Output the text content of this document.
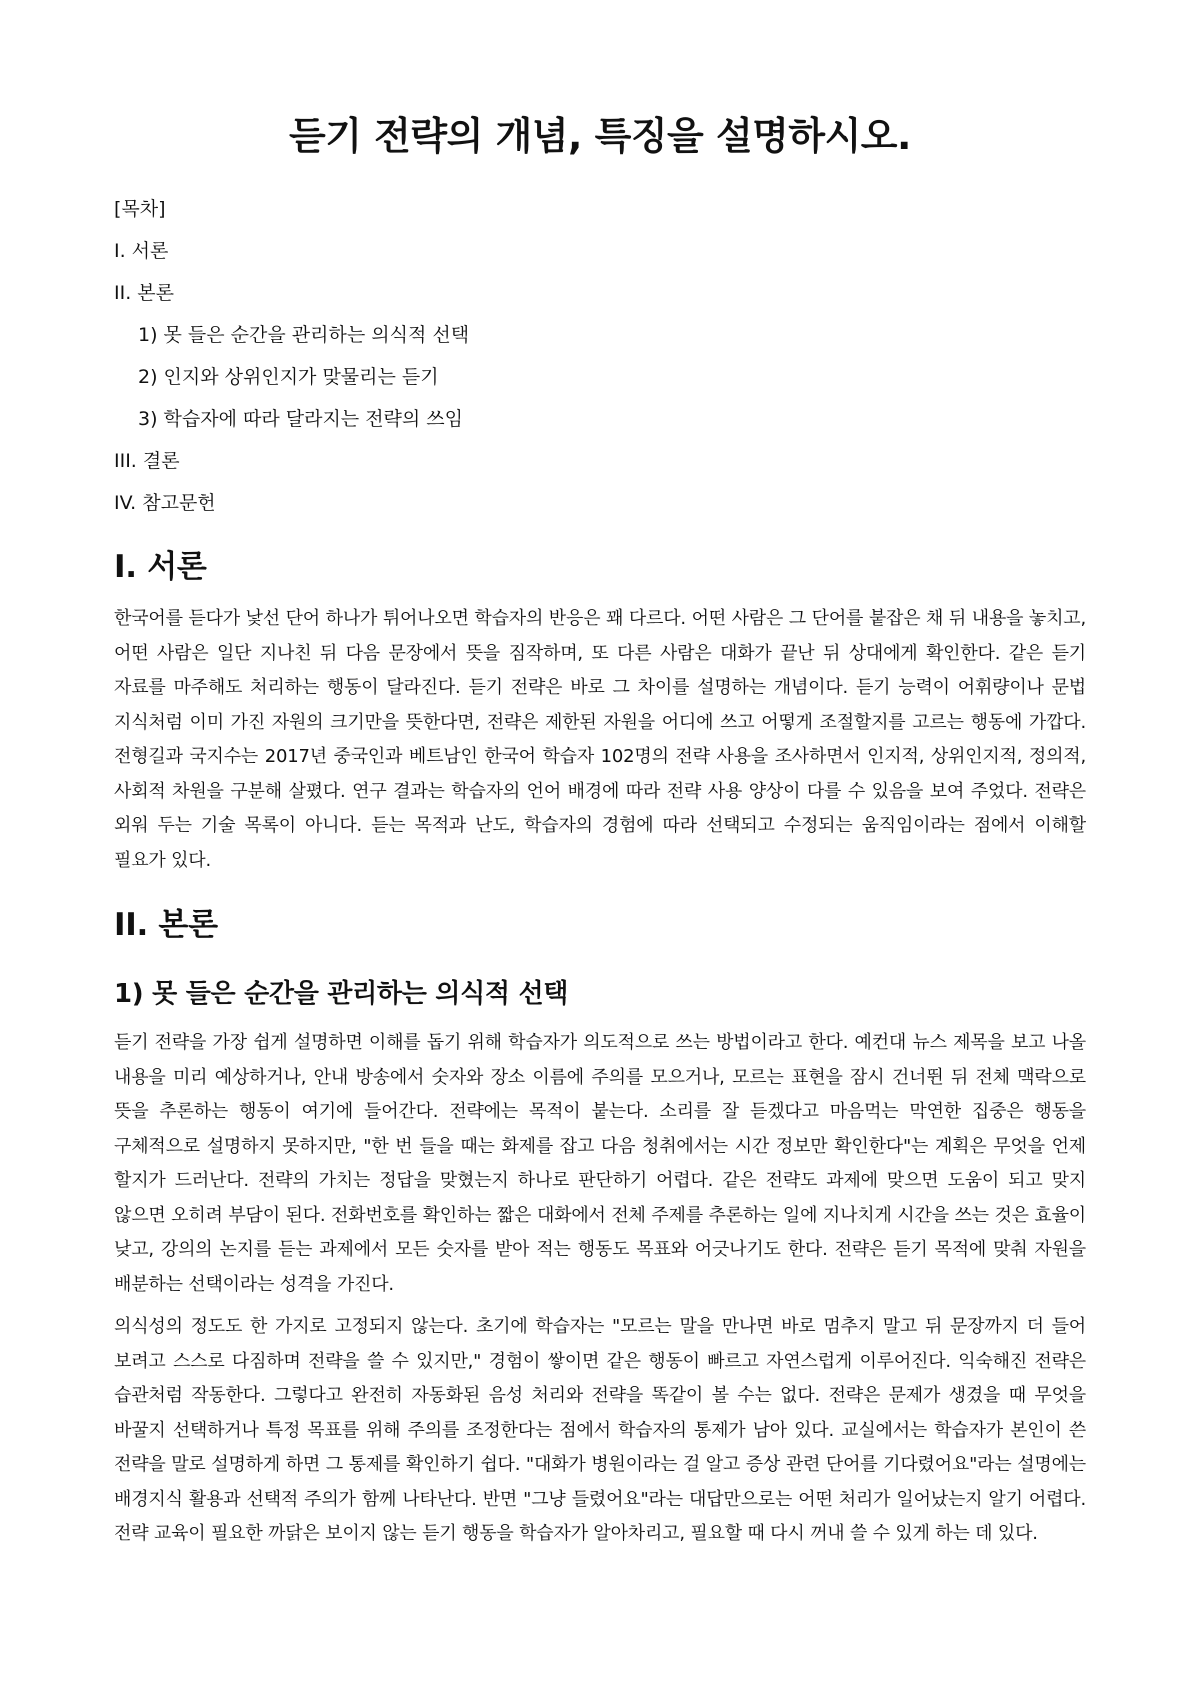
듣기 전략의 개념, 특징을 설명하시오.
[목차]
I. 서론
II. 본론
1) 못 들은 순간을 관리하는 의식적 선택
2) 인지와 상위인지가 맞물리는 듣기
3) 학습자에 따라 달라지는 전략의 쓰임
III. 결론
IV. 참고문헌
I. 서론

한국어를 듣다가 낯선 단어 하나가 튀어나오면 학습자의 반응은 꽤 다르다. 어떤 사람은 그 단어를 붙잡은 채 뒤 내용을 놓치고, 어떤 사람은 일단 지나친 뒤 다음 문장에서 뜻을 짐작하며, 또 다른 사람은 대화가 끝난 뒤 상대에게 확인한다. 같은 듣기 자료를 마주해도 처리하는 행동이 달라진다. 듣기 전략은 바로 그 차이를 설명하는 개념이다. 듣기 능력이 어휘량이나 문법 지식처럼 이미 가진 자원의 크기만을 뜻한다면, 전략은 제한된 자원을 어디에 쓰고 어떻게 조절할지를 고르는 행동에 가깝다. 전형길과 국지수는 2017년 중국인과 베트남인 한국어 학습자 102명의 전략 사용을 조사하면서 인지적, 상위인지적, 정의적, 사회적 차원을 구분해 살폈다. 연구 결과는 학습자의 언어 배경에 따라 전략 사용 양상이 다를 수 있음을 보여 주었다. 전략은 외워 두는 기술 목록이 아니다. 듣는 목적과 난도, 학습자의 경험에 따라 선택되고 수정되는 움직임이라는 점에서 이해할 필요가 있다.

II. 본론
1) 못 들은 순간을 관리하는 의식적 선택

듣기 전략을 가장 쉽게 설명하면 이해를 돕기 위해 학습자가 의도적으로 쓰는 방법이라고 한다. 예컨대 뉴스 제목을 보고 나올 내용을 미리 예상하거나, 안내 방송에서 숫자와 장소 이름에 주의를 모으거나, 모르는 표현을 잠시 건너뛴 뒤 전체 맥락으로 뜻을 추론하는 행동이 여기에 들어간다. 전략에는 목적이 붙는다. 소리를 잘 듣겠다고 마음먹는 막연한 집중은 행동을 구체적으로 설명하지 못하지만, "한 번 들을 때는 화제를 잡고 다음 청취에서는 시간 정보만 확인한다"는 계획은 무엇을 언제 할지가 드러난다. 전략의 가치는 정답을 맞혔는지 하나로 판단하기 어렵다. 같은 전략도 과제에 맞으면 도움이 되고 맞지 않으면 오히려 부담이 된다. 전화번호를 확인하는 짧은 대화에서 전체 주제를 추론하는 일에 지나치게 시간을 쓰는 것은 효율이 낮고, 강의의 논지를 듣는 과제에서 모든 숫자를 받아 적는 행동도 목표와 어긋나기도 한다. 전략은 듣기 목적에 맞춰 자원을 배분하는 선택이라는 성격을 가진다.

의식성의 정도도 한 가지로 고정되지 않는다. 초기에 학습자는 "모르는 말을 만나면 바로 멈추지 말고 뒤 문장까지 더 들어 보려고 스스로 다짐하며 전략을 쓸 수 있지만," 경험이 쌓이면 같은 행동이 빠르고 자연스럽게 이루어진다. 익숙해진 전략은 습관처럼 작동한다. 그렇다고 완전히 자동화된 음성 처리와 전략을 똑같이 볼 수는 없다. 전략은 문제가 생겼을 때 무엇을 바꿀지 선택하거나 특정 목표를 위해 주의를 조정한다는 점에서 학습자의 통제가 남아 있다. 교실에서는 학습자가 본인이 쓴 전략을 말로 설명하게 하면 그 통제를 확인하기 쉽다. "대화가 병원이라는 걸 알고 증상 관련 단어를 기다렸어요"라는 설명에는 배경지식 활용과 선택적 주의가 함께 나타난다. 반면 "그냥 들렸어요"라는 대답만으로는 어떤 처리가 일어났는지 알기 어렵다. 전략 교육이 필요한 까닭은 보이지 않는 듣기 행동을 학습자가 알아차리고, 필요할 때 다시 꺼내 쓸 수 있게 하는 데 있다.
